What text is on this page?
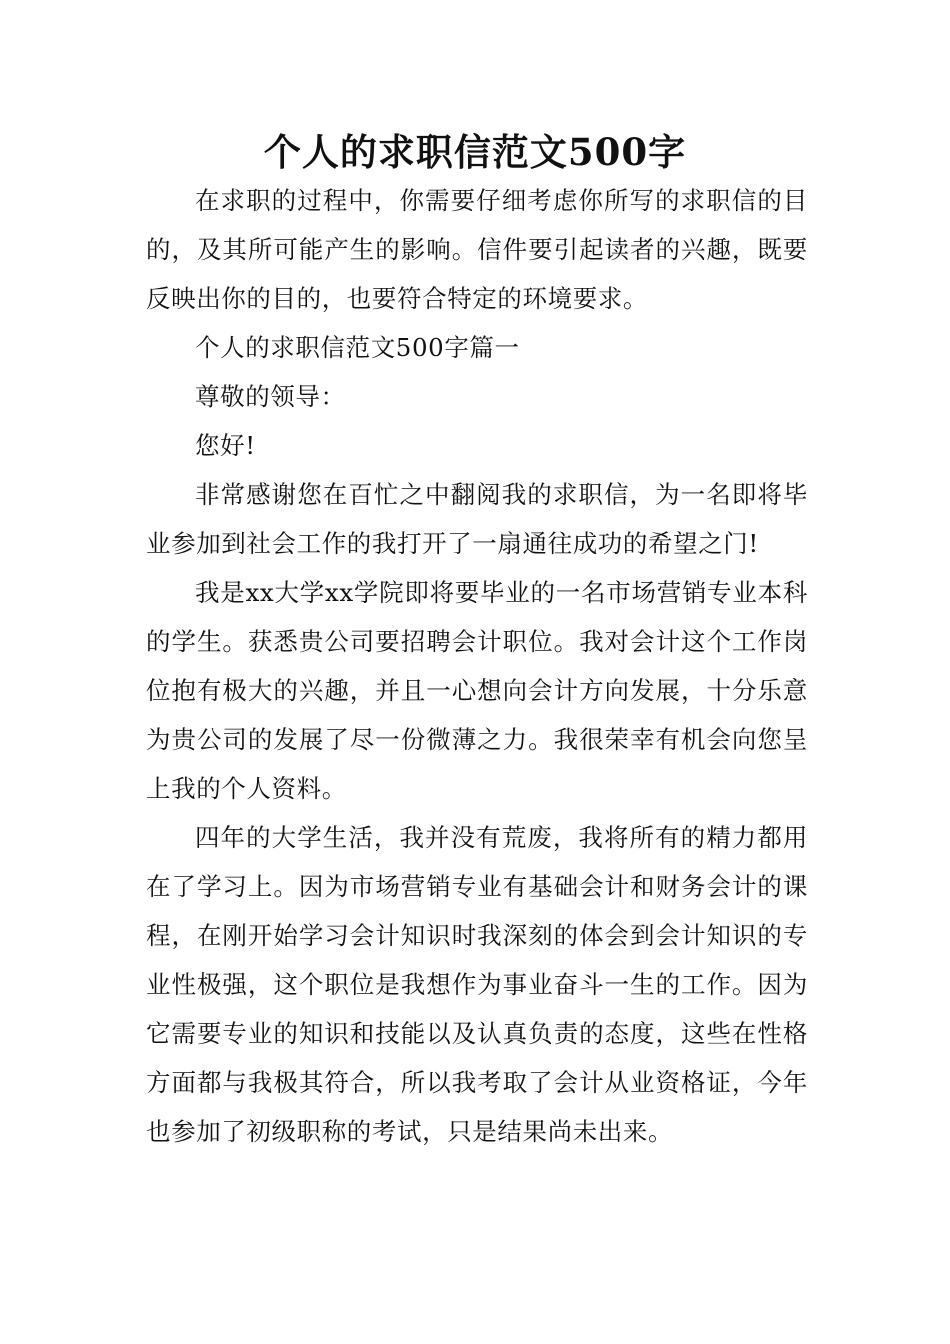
个人的求职信范文500字

在求职的过程中，你需要仔细考虑你所写的求职信的目的，及其所可能产生的影响。信件要引起读者的兴趣，既要反映出你的目的，也要符合特定的环境要求。

个人的求职信范文500字篇一

尊敬的领导：

您好!

非常感谢您在百忙之中翻阅我的求职信，为一名即将毕业参加到社会工作的我打开了一扇通往成功的希望之门!

我是xx大学xx学院即将要毕业的一名市场营销专业本科的学生。获悉贵公司要招聘会计职位。我对会计这个工作岗位抱有极大的兴趣，并且一心想向会计方向发展，十分乐意为贵公司的发展了尽一份微薄之力。我很荣幸有机会向您呈上我的个人资料。

四年的大学生活，我并没有荒废，我将所有的精力都用在了学习上。因为市场营销专业有基础会计和财务会计的课程，在刚开始学习会计知识时我深刻的体会到会计知识的专业性极强，这个职位是我想作为事业奋斗一生的工作。因为它需要专业的知识和技能以及认真负责的态度，这些在性格方面都与我极其符合，所以我考取了会计从业资格证，今年也参加了初级职称的考试，只是结果尚未出来。
